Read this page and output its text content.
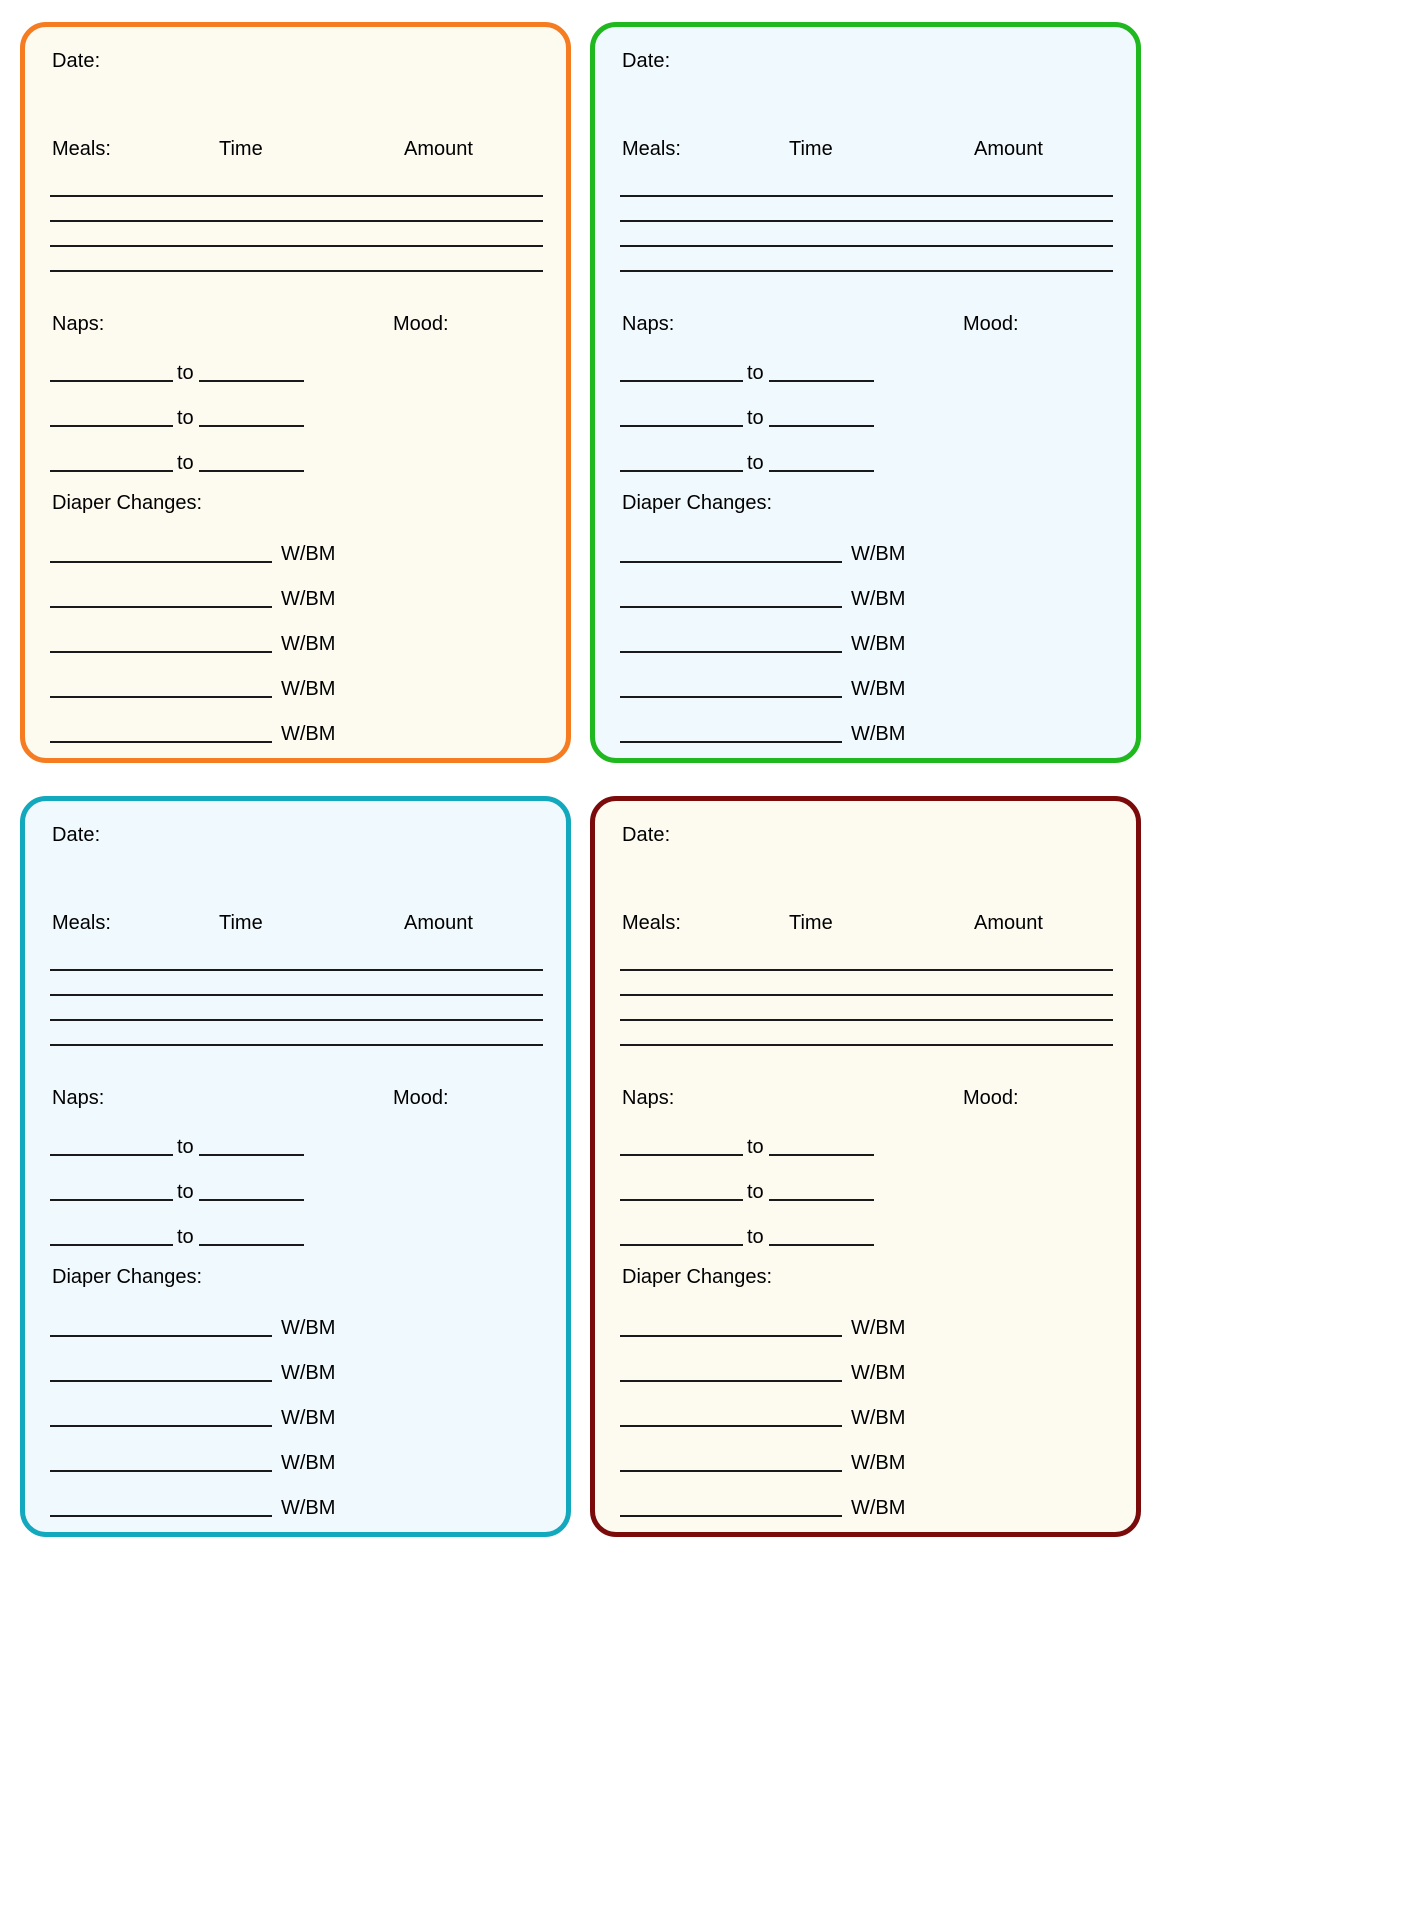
Date:
Meals:	Time	Amount
Naps:	Mood:
to
to
to
Diaper Changes:
W/BM
W/BM
W/BM
W/BM
W/BM
Date:
Meals:	Time	Amount
Naps:	Mood:
to
to
to
Diaper Changes:
W/BM
W/BM
W/BM
W/BM
W/BM
Date:
Meals:	Time	Amount
Naps:	Mood:
to
to
to
Diaper Changes:
W/BM
W/BM
W/BM
W/BM
W/BM
Date:
Meals:	Time	Amount
Naps:	Mood:
to
to
to
Diaper Changes:
W/BM
W/BM
W/BM
W/BM
W/BM
